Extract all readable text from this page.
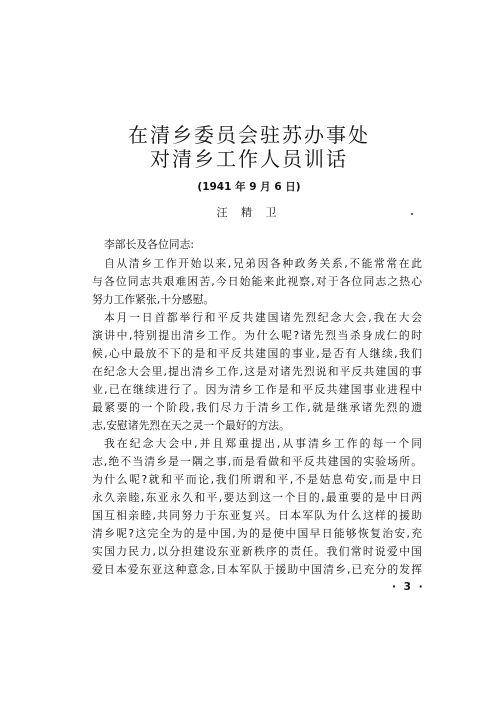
在清乡委员会驻苏办事处
对清乡工作人员训话
(1941 年 9 月 6 日)
汪 精 卫
李部长及各位同志:
自从清乡工作开始以来,兄弟因各种政务关系,不能常常在此
与各位同志共艰难困苦,今日始能来此视察,对于各位同志之热心
努力工作紧张,十分感慰。
本月一日首都举行和平反共建国诸先烈纪念大会,我在大会
演讲中,特别提出清乡工作。为什么呢?诸先烈当杀身成仁的时
候,心中最放不下的是和平反共建国的事业,是否有人继续,我们
在纪念大会里,提出清乡工作,这是对诸先烈说和平反共建国的事
业,已在继续进行了。因为清乡工作是和平反共建国事业进程中
最紧要的一个阶段,我们尽力于清乡工作,就是继承诸先烈的遗
志,安慰诸先烈在天之灵一个最好的方法。
我在纪念大会中,并且郑重提出,从事清乡工作的每一个同
志,绝不当清乡是一隅之事,而是看做和平反共建国的实验场所。
为什么呢?就和平而论,我们所谓和平,不是姑息苟安,而是中日
永久亲睦,东亚永久和平,要达到这一个目的,最重要的是中日两
国互相亲睦,共同努力于东亚复兴。日本军队为什么这样的援助
清乡呢?这完全为的是中国,为的是使中国早日能够恢复治安,充
实国力民力,以分担建设东亚新秩序的责任。我们常时说爱中国
爱日本爱东亚这种意念,日本军队于援助中国清乡,已充分的发挥
· 3 ·
